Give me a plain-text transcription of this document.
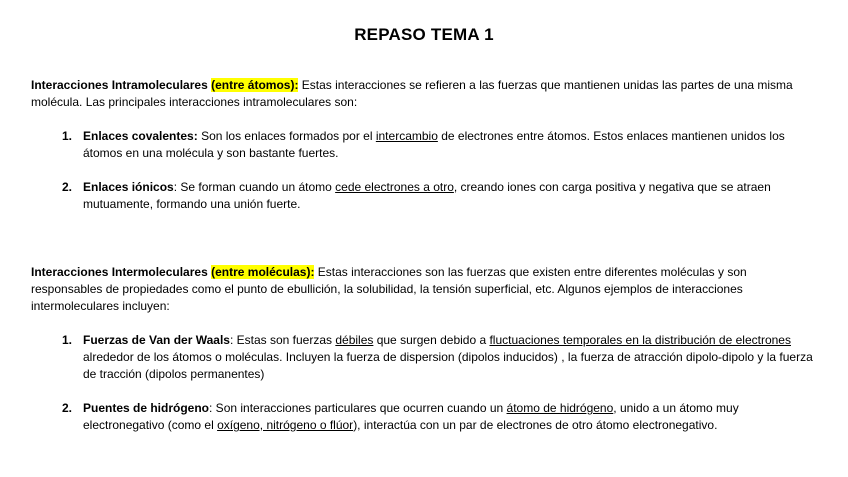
REPASO TEMA 1
Interacciones Intramoleculares (entre átomos): Estas interacciones se refieren a las fuerzas que mantienen unidas las partes de una misma molécula. Las principales interacciones intramoleculares son:

1. Enlaces covalentes: Son los enlaces formados por el intercambio de electrones entre átomos. Estos enlaces mantienen unidos los átomos en una molécula y son bastante fuertes.

2. Enlaces iónicos: Se forman cuando un átomo cede electrones a otro, creando iones con carga positiva y negativa que se atraen mutuamente, formando una unión fuerte.

Interacciones Intermoleculares (entre moléculas): Estas interacciones son las fuerzas que existen entre diferentes moléculas y son responsables de propiedades como el punto de ebullición, la solubilidad, la tensión superficial, etc. Algunos ejemplos de interacciones intermoleculares incluyen:

1. Fuerzas de Van der Waals: Estas son fuerzas débiles que surgen debido a fluctuaciones temporales en la distribución de electrones alrededor de los átomos o moléculas. Incluyen la fuerza de dispersion (dipolos inducidos) , la fuerza de atracción dipolo-dipolo y la fuerza de tracción (dipolos permanentes)

2. Puentes de hidrógeno: Son interacciones particulares que ocurren cuando un átomo de hidrógeno, unido a un átomo muy electronegativo (como el oxígeno, nitrógeno o flúor), interactúa con un par de electrones de otro átomo electronegativo.
